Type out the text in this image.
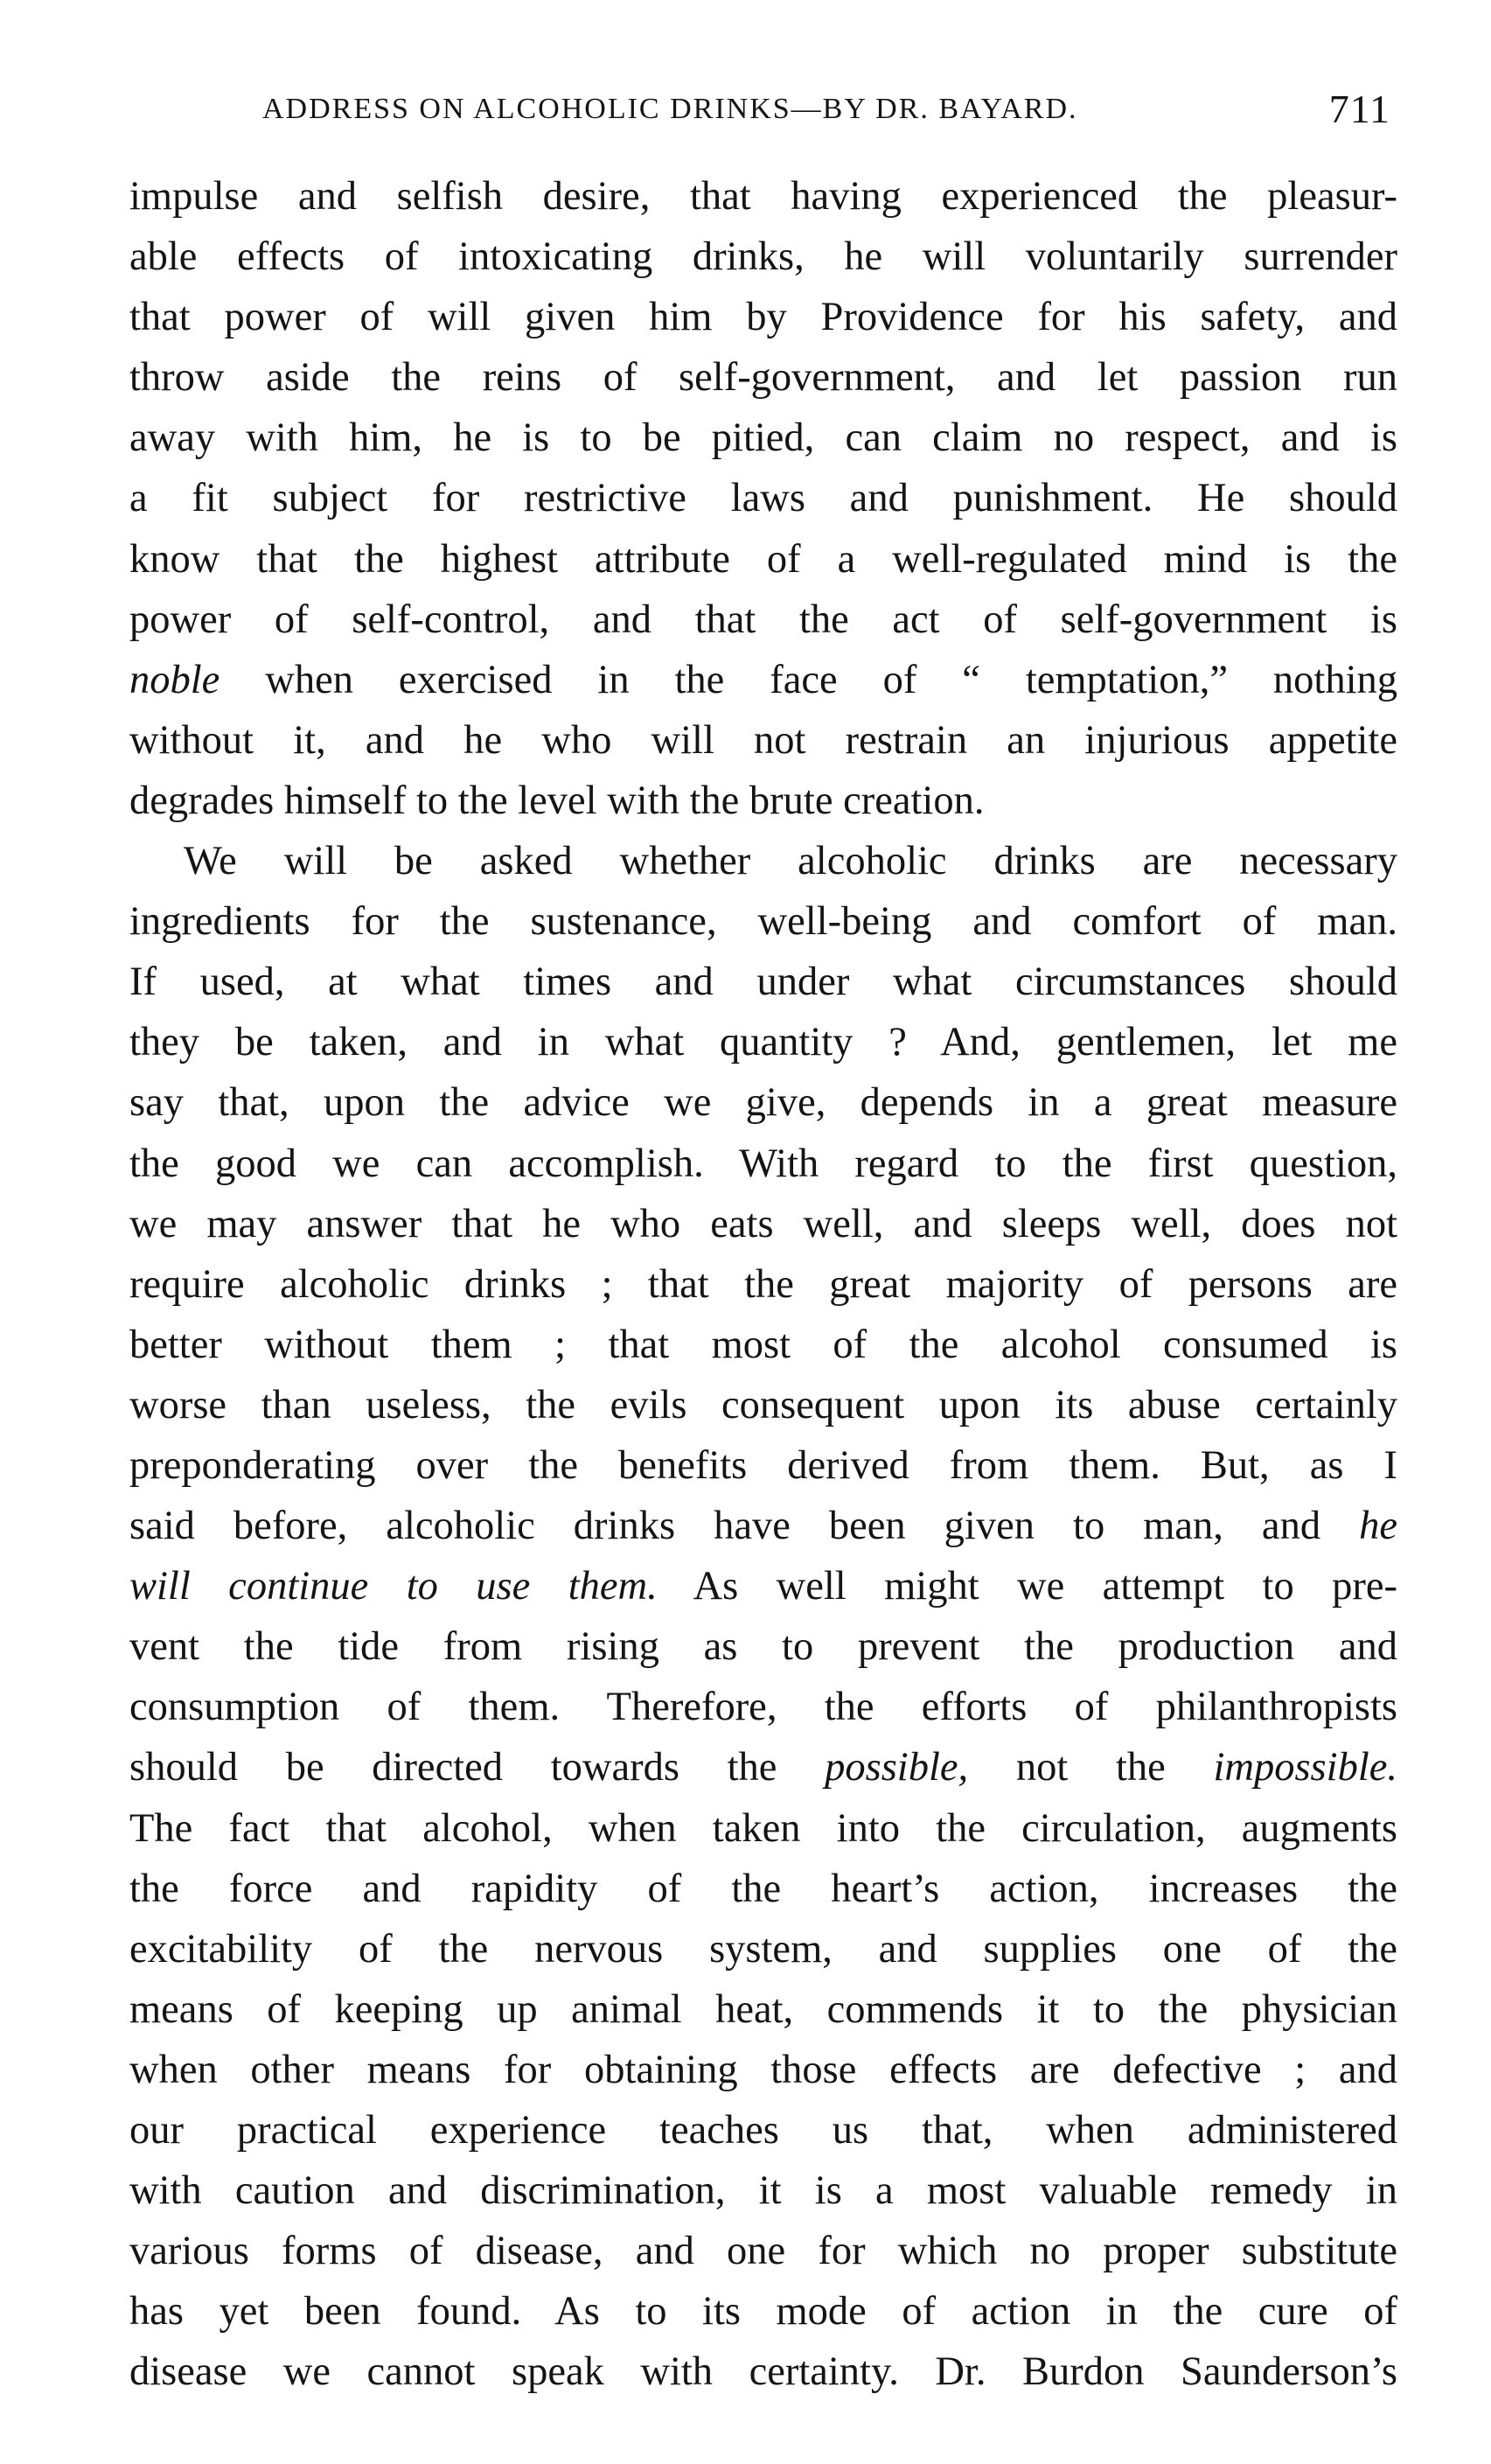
ADDRESS ON ALCOHOLIC DRINKS—BY DR. BAYARD.	711
impulse and selfish desire, that having experienced the pleasur-
able effects of intoxicating drinks, he will voluntarily surrender
that power of will given him by Providence for his safety, and
throw aside the reins of self-government, and let passion run
away with him, he is to be pitied, can claim no respect, and is
a fit subject for restrictive laws and punishment. He should
know that the highest attribute of a well-regulated mind is the
power of self-control, and that the act of self-government is
noble when exercised in the face of “ temptation,” nothing
without it, and he who will not restrain an injurious appetite
degrades himself to the level with the brute creation.
We will be asked whether alcoholic drinks are necessary
ingredients for the sustenance, well-being and comfort of man.
If used, at what times and under what circumstances should
they be taken, and in what quantity ? And, gentlemen, let me
say that, upon the advice we give, depends in a great measure
the good we can accomplish. With regard to the first question,
we may answer that he who eats well, and sleeps well, does not
require alcoholic drinks ; that the great majority of persons are
better without them ; that most of the alcohol consumed is
worse than useless, the evils consequent upon its abuse certainly
preponderating over the benefits derived from them. But, as I
said before, alcoholic drinks have been given to man, and he
will continue to use them. As well might we attempt to pre-
vent the tide from rising as to prevent the production and
consumption of them. Therefore, the efforts of philanthropists
should be directed towards the possible, not the impossible.
The fact that alcohol, when taken into the circulation, augments
the force and rapidity of the heart’s action, increases the
excitability of the nervous system, and supplies one of the
means of keeping up animal heat, commends it to the physician
when other means for obtaining those effects are defective ; and
our practical experience teaches us that, when administered
with caution and discrimination, it is a most valuable remedy in
various forms of disease, and one for which no proper substitute
has yet been found. As to its mode of action in the cure of
disease we cannot speak with certainty. Dr. Burdon Saunderson’s
